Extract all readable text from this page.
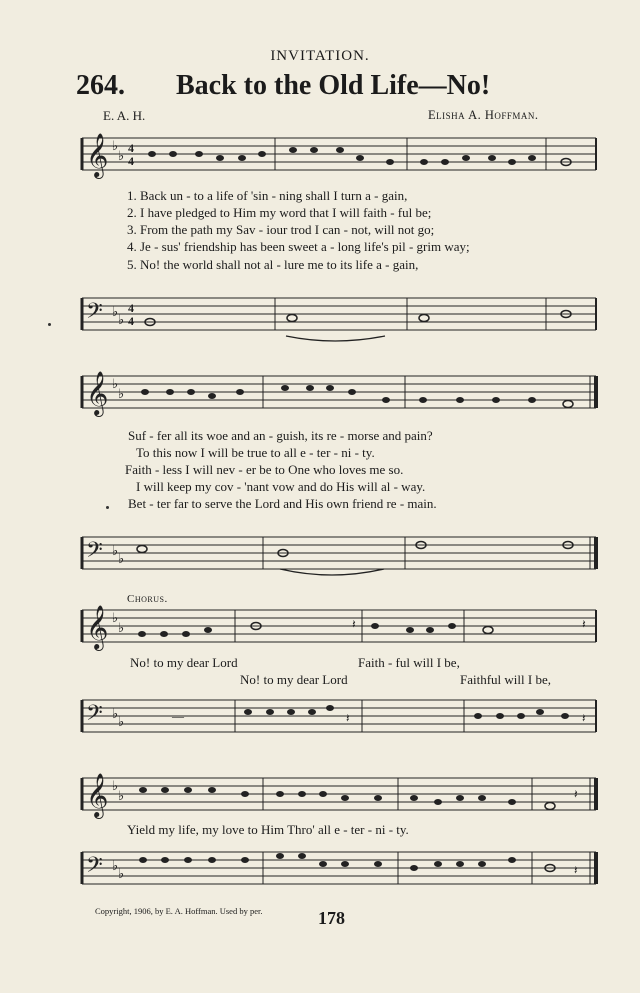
INVITATION.
264. Back to the Old Life—No!
E. A. H.	Elisha A. Hoffman.
𝄞 ♭
♭ 4
4
1. Back un - to a life of 'sin - ning shall I turn a - gain,
2. I have pledged to Him my word that I will faith - ful be;
3. From the path my Sav - iour trod I can - not, will not go;
4. Je - sus' friendship has been sweet a - long life's pil - grim way;
5. No! the world shall not al - lure me to its life a - gain,
𝄢 ♭
♭
4
4
𝄞 ♭
♭
Suf - fer all its woe and an - guish, its re - morse and pain?
To this now I will be true to all e - ter - ni - ty.
Faith - less I will nev - er be to One who loves me so.
I will keep my cov - 'nant vow and do His will al - way.
Bet - ter far to serve the Lord and His own friend re - main.
𝄢 ♭
♭
Chorus.
𝄞 ♭
♭	𝄽	𝄽
No! to my dear Lord	Faith - ful will I be,
No! to my dear Lord	Faithful will I be,
𝄢 ♭
♭	—	𝄽	𝄽
𝄞 ♭
♭	𝄽
Yield my life, my love to Him Thro' all e - ter - ni - ty.
𝄢 ♭
♭	𝄽
Copyright, 1906, by E. A. Hoffman. Used by per.	178
